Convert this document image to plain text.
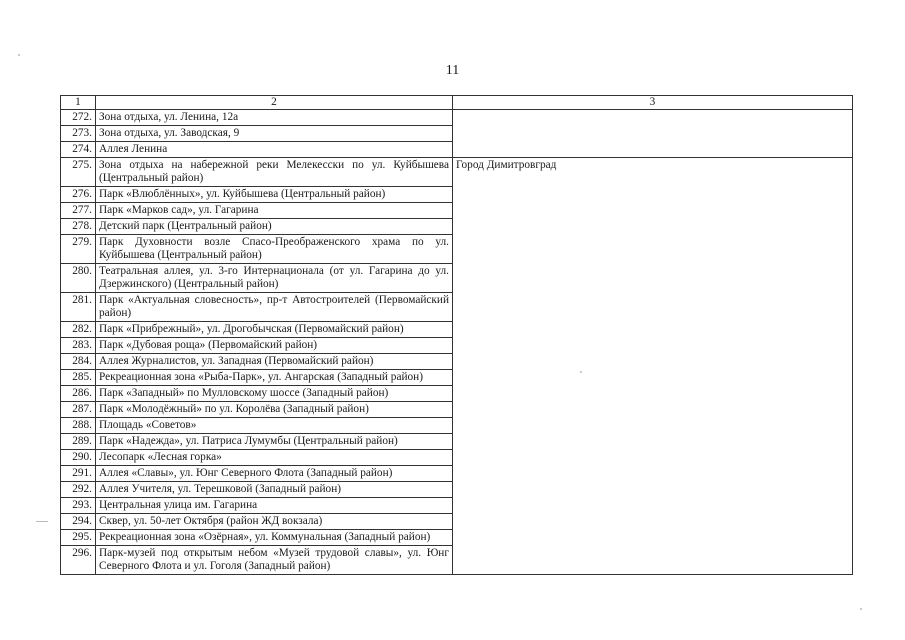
11
1	2	3
272.	Зона отдыха, ул. Ленина, 12а	
273.	Зона отдыха, ул. Заводская, 9	
274.	Аллея Ленина	
275.	Зона отдыха на набережной реки Мелекесски по ул. Куйбышева (Центральный район)	Город Димитровград
276.	Парк «Влюблённых», ул. Куйбышева (Центральный район)	
277.	Парк «Марков сад», ул. Гагарина	
278.	Детский парк (Центральный район)	
279.	Парк Духовности возле Спасо-Преображенского храма по ул. Куйбышева (Центральный район)	
280.	Театральная аллея, ул. 3-го Интернационала (от ул. Гагарина до ул. Дзержинского) (Центральный район)	
281.	Парк «Актуальная словесность», пр-т Автостроителей (Первомайский район)	
282.	Парк «Прибрежный», ул. Дрогобычская (Первомайский район)	
283.	Парк «Дубовая роща» (Первомайский район)	
284.	Аллея Журналистов, ул. Западная (Первомайский район)	
285.	Рекреационная зона «Рыба-Парк», ул. Ангарская (Западный район)	
286.	Парк «Западный» по Мулловскому шоссе (Западный район)	
287.	Парк «Молодёжный» по ул. Королёва (Западный район)	
288.	Площадь «Советов»	
289.	Парк «Надежда», ул. Патриса Лумумбы (Центральный район)	
290.	Лесопарк «Лесная горка»	
291.	Аллея «Славы», ул. Юнг Северного Флота (Западный район)	
292.	Аллея Учителя, ул. Терешковой (Западный район)	
293.	Центральная улица им. Гагарина	
294.	Сквер, ул. 50-лет Октября (район ЖД вокзала)	
295.	Рекреационная зона «Озёрная», ул. Коммунальная (Западный район)	
296.	Парк-музей под открытым небом «Музей трудовой славы», ул. Юнг Северного Флота и ул. Гоголя (Западный район)	
